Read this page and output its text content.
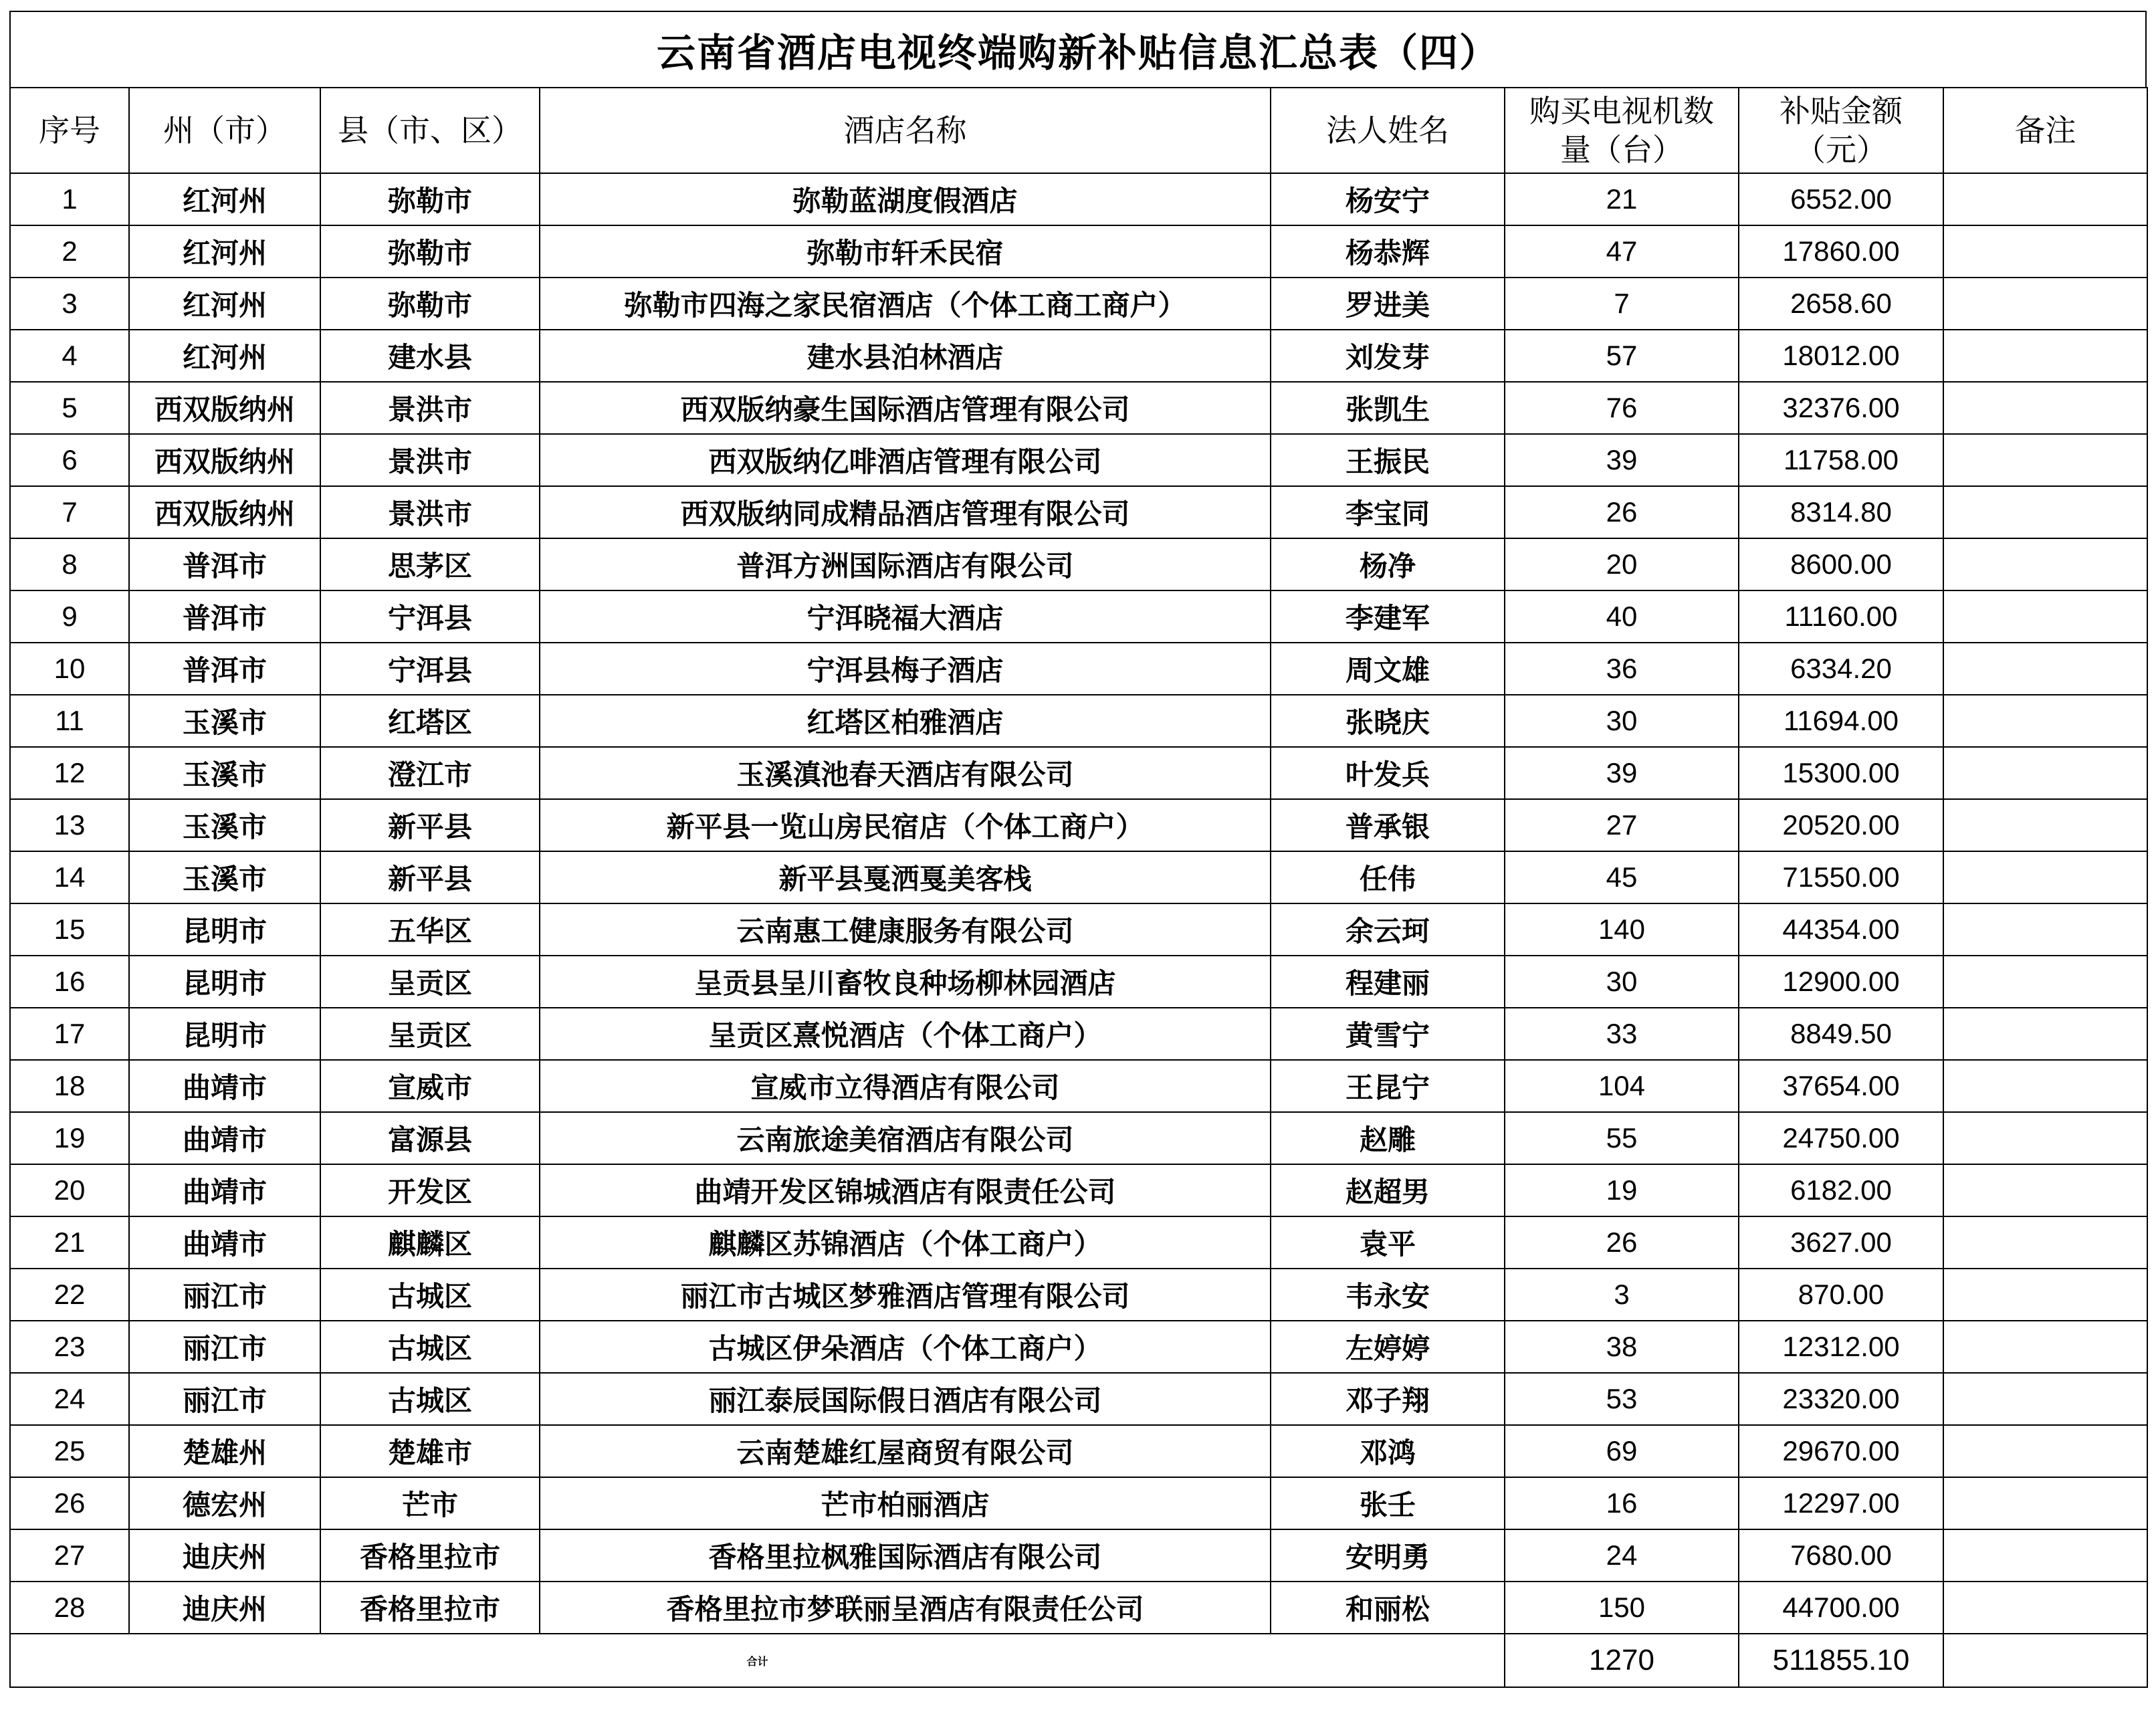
云南省酒店电视终端购新补贴信息汇总表（四）
序号	州（市）	县（市、区）	酒店名称	法人姓名	购买电视机数量（台）	补贴金额（元）	备注
1	红河州	弥勒市	弥勒蓝湖度假酒店	杨安宁	21	6552.00	
2	红河州	弥勒市	弥勒市轩禾民宿	杨恭辉	47	17860.00	
3	红河州	弥勒市	弥勒市四海之家民宿酒店（个体工商工商户）	罗进美	7	2658.60	
4	红河州	建水县	建水县泊林酒店	刘发芽	57	18012.00	
5	西双版纳州	景洪市	西双版纳豪生国际酒店管理有限公司	张凯生	76	32376.00	
6	西双版纳州	景洪市	西双版纳亿啡酒店管理有限公司	王振民	39	11758.00	
7	西双版纳州	景洪市	西双版纳同成精品酒店管理有限公司	李宝同	26	8314.80	
8	普洱市	思茅区	普洱方洲国际酒店有限公司	杨净	20	8600.00	
9	普洱市	宁洱县	宁洱晓福大酒店	李建军	40	11160.00	
10	普洱市	宁洱县	宁洱县梅子酒店	周文雄	36	6334.20	
11	玉溪市	红塔区	红塔区柏雅酒店	张晓庆	30	11694.00	
12	玉溪市	澄江市	玉溪滇池春天酒店有限公司	叶发兵	39	15300.00	
13	玉溪市	新平县	新平县一览山房民宿店（个体工商户）	普承银	27	20520.00	
14	玉溪市	新平县	新平县戛洒戛美客栈	任伟	45	71550.00	
15	昆明市	五华区	云南惠工健康服务有限公司	余云珂	140	44354.00	
16	昆明市	呈贡区	呈贡县呈川畜牧良种场柳林园酒店	程建丽	30	12900.00	
17	昆明市	呈贡区	呈贡区熹悦酒店（个体工商户）	黄雪宁	33	8849.50	
18	曲靖市	宣威市	宣威市立得酒店有限公司	王昆宁	104	37654.00	
19	曲靖市	富源县	云南旅途美宿酒店有限公司	赵雕	55	24750.00	
20	曲靖市	开发区	曲靖开发区锦城酒店有限责任公司	赵超男	19	6182.00	
21	曲靖市	麒麟区	麒麟区苏锦酒店（个体工商户）	袁平	26	3627.00	
22	丽江市	古城区	丽江市古城区梦雅酒店管理有限公司	韦永安	3	870.00	
23	丽江市	古城区	古城区伊朵酒店（个体工商户）	左婷婷	38	12312.00	
24	丽江市	古城区	丽江泰辰国际假日酒店有限公司	邓子翔	53	23320.00	
25	楚雄州	楚雄市	云南楚雄红屋商贸有限公司	邓鸿	69	29670.00	
26	德宏州	芒市	芒市柏丽酒店	张壬	16	12297.00	
27	迪庆州	香格里拉市	香格里拉枫雅国际酒店有限公司	安明勇	24	7680.00	
28	迪庆州	香格里拉市	香格里拉市梦联丽呈酒店有限责任公司	和丽松	150	44700.00	
合计					1270	511855.10	
